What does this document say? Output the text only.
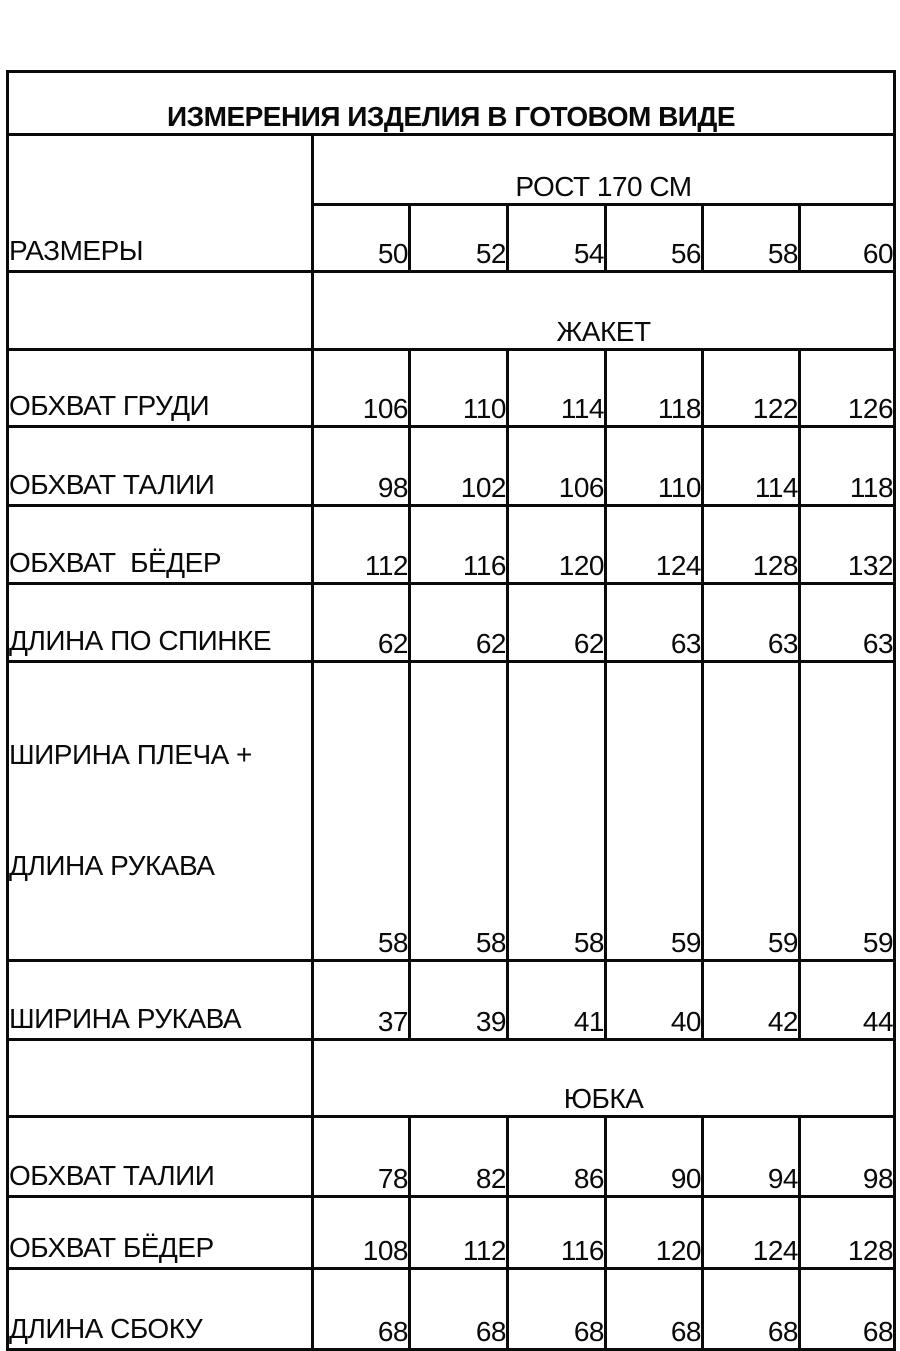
ИЗМЕРЕНИЯ ИЗДЕЛИЯ В ГОТОВОМ ВИДЕ						
РАЗМЕРЫ	РОСТ 170 СМ					
	50	52	54	56	58	60
	ЖАКЕТ					
ОБХВАТ ГРУДИ	106	110	114	118	122	126
ОБХВАТ ТАЛИИ	98	102	106	110	114	118
ОБХВАТ  БЁДЕР	112	116	120	124	128	132
ДЛИНА ПО СПИНКЕ	62	62	62	63	63	63

ШИРИНА ПЛЕЧА +

ДЛИНА РУКАВА	58	58	58	59	59	59
ШИРИНА РУКАВА	37	39	41	40	42	44
	ЮБКА					
ОБХВАТ ТАЛИИ	78	82	86	90	94	98
ОБХВАТ БЁДЕР	108	112	116	120	124	128
ДЛИНА СБОКУ	68	68	68	68	68	68
